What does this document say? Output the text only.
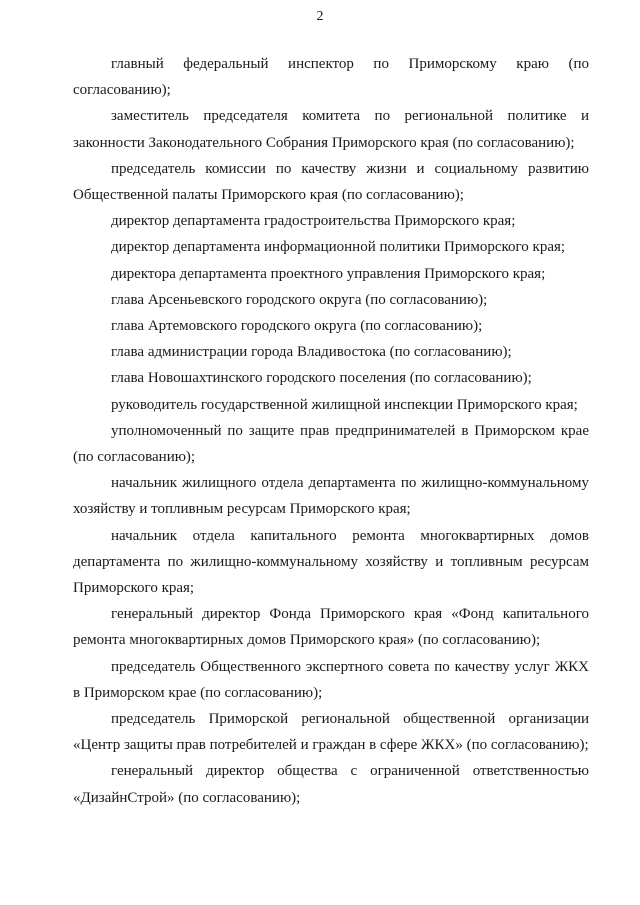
2

главный федеральный инспектор по Приморскому краю (по согласованию);

заместитель председателя комитета по региональной политике и законности Законодательного Собрания Приморского края (по согласованию);

председатель комиссии по качеству жизни и социальному развитию Общественной палаты Приморского края (по согласованию);

директор департамента градостроительства Приморского края;

директор департамента информационной политики Приморского края;

директора департамента проектного управления Приморского края;

глава Арсеньевского городского округа (по согласованию);

глава Артемовского городского округа (по согласованию);

глава администрации города Владивостока (по согласованию);

глава Новошахтинского городского поселения (по согласованию);

руководитель государственной жилищной инспекции Приморского края;

уполномоченный по защите прав предпринимателей в Приморском крае (по согласованию);

начальник жилищного отдела департамента по жилищно-коммунальному хозяйству и топливным ресурсам Приморского края;

начальник отдела капитального ремонта многоквартирных домов департамента по жилищно-коммунальному хозяйству и топливным ресурсам Приморского края;

генеральный директор Фонда Приморского края «Фонд капитального ремонта многоквартирных домов Приморского края» (по согласованию);

председатель Общественного экспертного совета по качеству услуг ЖКХ в Приморском крае (по согласованию);

председатель Приморской региональной общественной организации «Центр защиты прав потребителей и граждан в сфере ЖКХ» (по согласованию);

генеральный директор общества с ограниченной ответственностью «ДизайнСтрой» (по согласованию);
